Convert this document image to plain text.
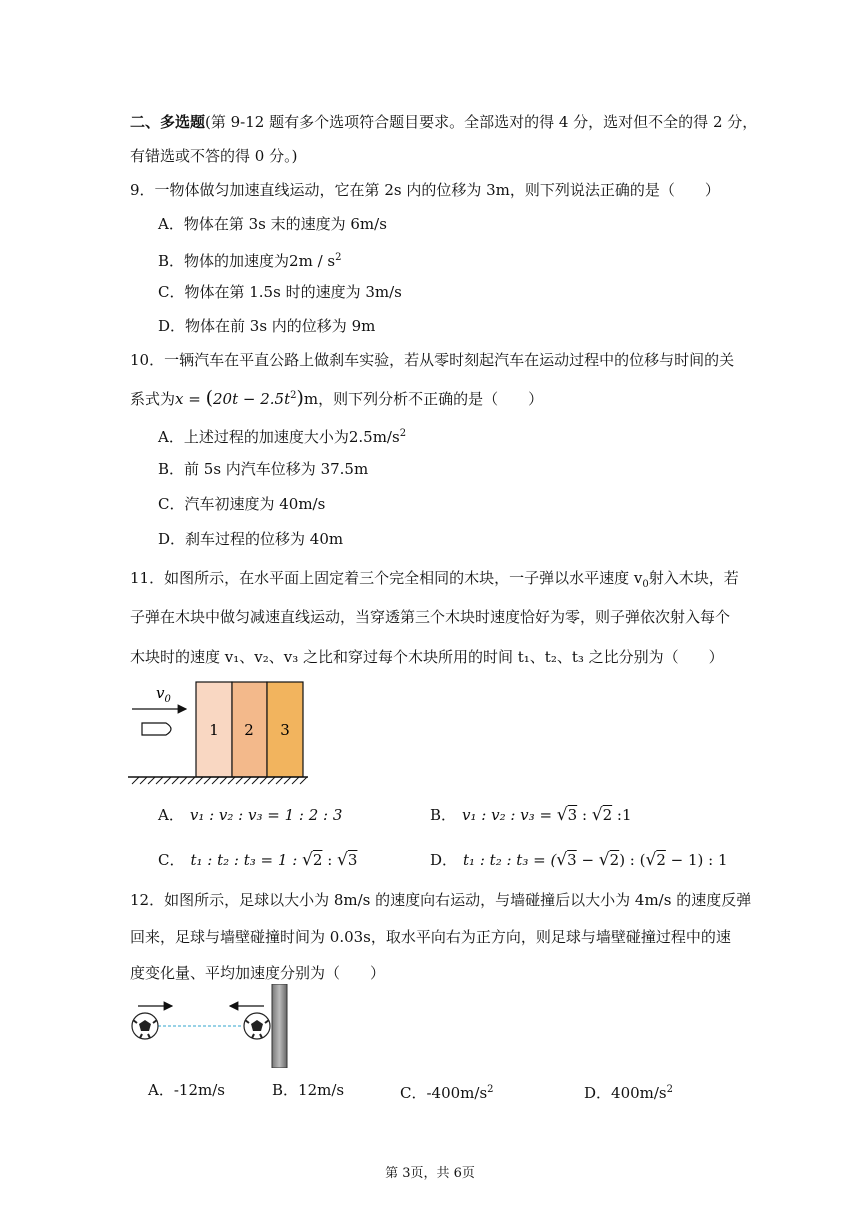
二、多选题(第 9-12 题有多个选项符合题目要求。全部选对的得 4 分，选对但不全的得 2 分，
有错选或不答的得 0 分。)
9．一物体做匀加速直线运动，它在第 2s 内的位移为 3m，则下列说法正确的是（　　）
A．物体在第 3s 末的速度为 6m/s
B．物体的加速度为$2m / s^2$
C．物体在第 1.5s 时的速度为 3m/s
D．物体在前 3s 内的位移为 9m
10．一辆汽车在平直公路上做刹车实验，若从零时刻起汽车在运动过程中的位移与时间的关
系式为$x = (20t - 2.5t^2)m$，则下列分析不正确的是（　　）
A．上述过程的加速度大小为$2.5m/s^2$
B．前 5s 内汽车位移为 37.5m
C．汽车初速度为 40m/s
D．刹车过程的位移为 40m
11．如图所示，在水平面上固定着三个完全相同的木块，一子弹以水平速度 $v_0$射入木块，若
子弹在木块中做匀减速直线运动，当穿透第三个木块时速度恰好为零，则子弹依次射入每个
木块时的速度 v₁、v₂、v₃ 之比和穿过每个木块所用的时间 t₁、t₂、t₃ 之比分别为（　　）
$v_0$
1 2 3
A． v₁ : v₂ : v₃ = 1 : 2 : 3	B． v₁ : v₂ : v₃ = √3 : √2 :1
C． t₁ : t₂ : t₃ = 1 : √2 : √3	D． t₁ : t₂ : t₃ = (√3 − √2) : (√2 − 1) : 1
12．如图所示，足球以大小为 8m/s 的速度向右运动，与墙碰撞后以大小为 4m/s 的速度反弹
回来，足球与墙壁碰撞时间为 0.03s，取水平向右为正方向，则足球与墙壁碰撞过程中的速
度变化量、平均加速度分别为（　　）
A．-12m/s	B．12m/s	C．$-400m/s^2$	D．$400m/s^2$
第 3页，共 6页
